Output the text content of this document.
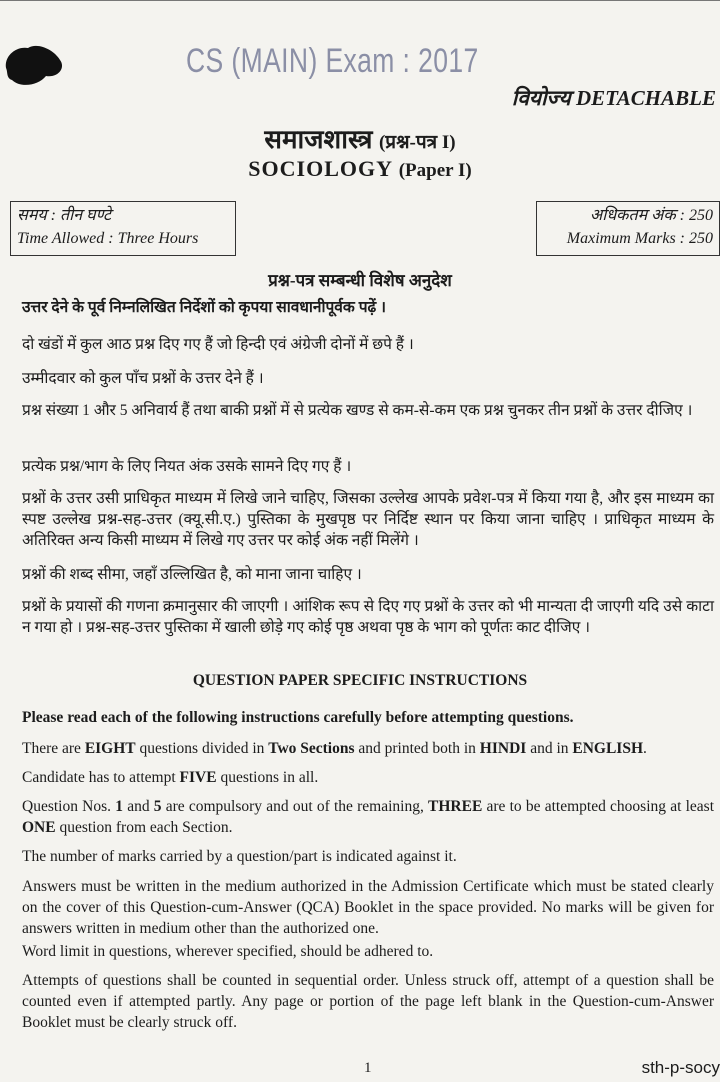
CS (MAIN) Exam : 2017
वियोज्य DETACHABLE
समाजशास्त्र (प्रश्न-पत्र I)
SOCIOLOGY (Paper I)
समय : तीन घण्टे
Time Allowed : Three Hours
अधिकतम अंक : 250
Maximum Marks : 250
प्रश्न-पत्र सम्बन्धी विशेष अनुदेश
उत्तर देने के पूर्व निम्नलिखित निर्देशों को कृपया सावधानीपूर्वक पढ़ें ।
दो खंडों में कुल आठ प्रश्न दिए गए हैं जो हिन्दी एवं अंग्रेजी दोनों में छपे हैं ।
उम्मीदवार को कुल पाँच प्रश्नों के उत्तर देने हैं ।
प्रश्न संख्या 1 और 5 अनिवार्य हैं तथा बाकी प्रश्नों में से प्रत्येक खण्ड से कम-से-कम एक प्रश्न चुनकर तीन प्रश्नों के उत्तर दीजिए ।
प्रत्येक प्रश्न/भाग के लिए नियत अंक उसके सामने दिए गए हैं ।
प्रश्नों के उत्तर उसी प्राधिकृत माध्यम में लिखे जाने चाहिए, जिसका उल्लेख आपके प्रवेश-पत्र में किया गया है, और इस माध्यम का स्पष्ट उल्लेख प्रश्न-सह-उत्तर (क्यू.सी.ए.) पुस्तिका के मुखपृष्ठ पर निर्दिष्ट स्थान पर किया जाना चाहिए । प्राधिकृत माध्यम के अतिरिक्त अन्य किसी माध्यम में लिखे गए उत्तर पर कोई अंक नहीं मिलेंगे ।
प्रश्नों की शब्द सीमा, जहाँ उल्लिखित है, को माना जाना चाहिए ।
प्रश्नों के प्रयासों की गणना क्रमानुसार की जाएगी । आंशिक रूप से दिए गए प्रश्नों के उत्तर को भी मान्यता दी जाएगी यदि उसे काटा न गया हो । प्रश्न-सह-उत्तर पुस्तिका में खाली छोड़े गए कोई पृष्ठ अथवा पृष्ठ के भाग को पूर्णतः काट दीजिए ।
QUESTION PAPER SPECIFIC INSTRUCTIONS
Please read each of the following instructions carefully before attempting questions.
There are EIGHT questions divided in Two Sections and printed both in HINDI and in ENGLISH.
Candidate has to attempt FIVE questions in all.
Question Nos. 1 and 5 are compulsory and out of the remaining, THREE are to be attempted choosing at least ONE question from each Section.
The number of marks carried by a question/part is indicated against it.
Answers must be written in the medium authorized in the Admission Certificate which must be stated clearly on the cover of this Question-cum-Answer (QCA) Booklet in the space provided. No marks will be given for answers written in medium other than the authorized one.
Word limit in questions, wherever specified, should be adhered to.
Attempts of questions shall be counted in sequential order. Unless struck off, attempt of a question shall be counted even if attempted partly. Any page or portion of the page left blank in the Question-cum-Answer Booklet must be clearly struck off.
1	sth-p-socy
